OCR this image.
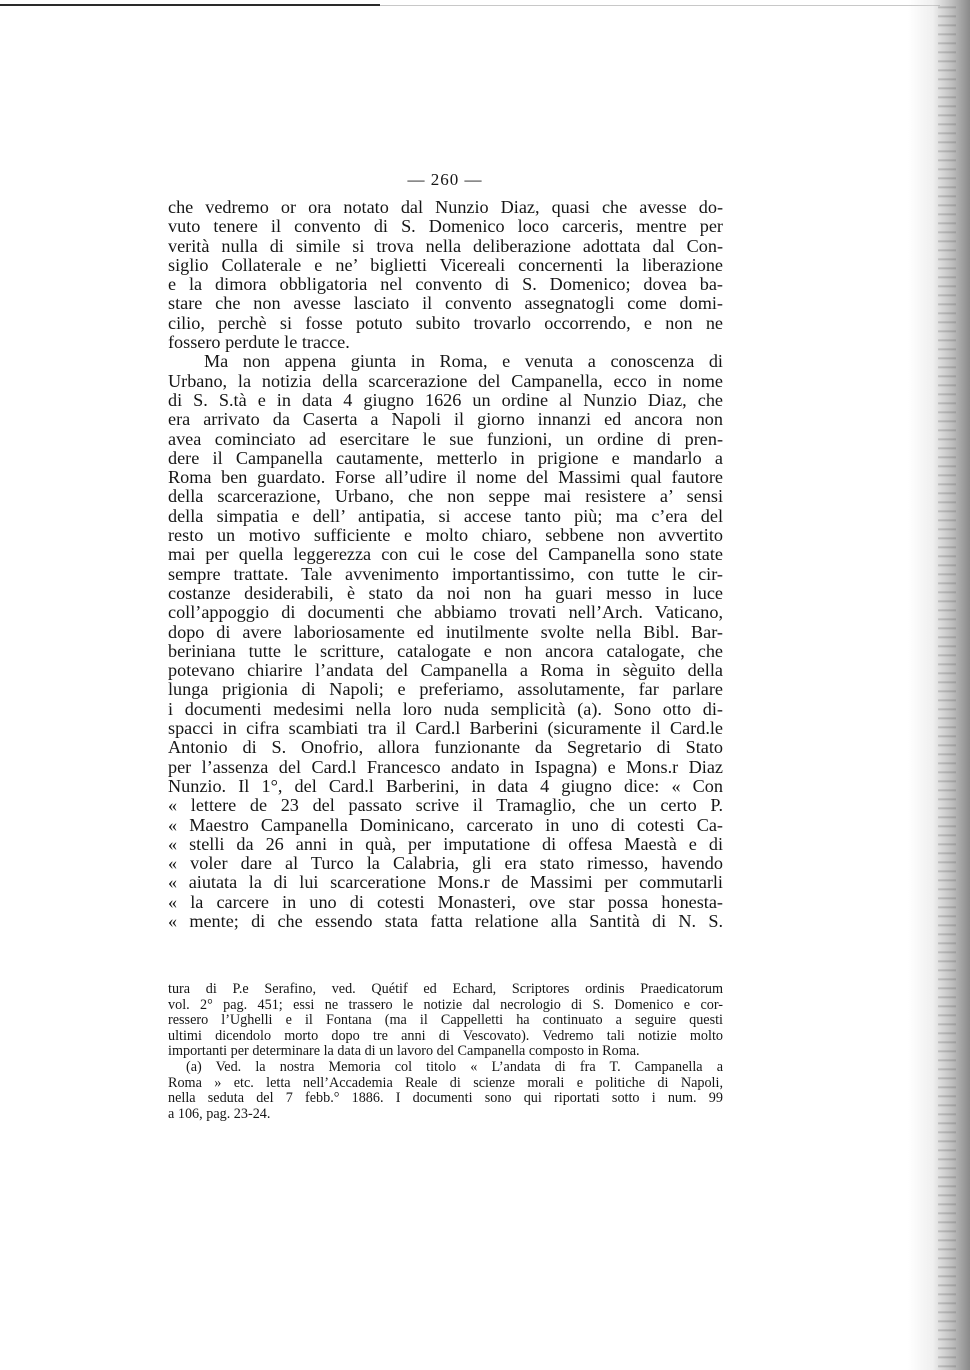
— 260 —
che vedremo or ora notato dal Nunzio Diaz, quasi che avesse do-
vuto tenere il convento di S. Domenico loco carceris, mentre per
verità nulla di simile si trova nella deliberazione adottata dal Con-
siglio Collaterale e ne’ biglietti Vicereali concernenti la liberazione
e la dimora obbligatoria nel convento di S. Domenico; dovea ba-
stare che non avesse lasciato il convento assegnatogli come domi-
cilio, perchè si fosse potuto subito trovarlo occorrendo, e non ne
fossero perdute le tracce.
Ma non appena giunta in Roma, e venuta a conoscenza di
Urbano, la notizia della scarcerazione del Campanella, ecco in nome
di S. S.tà e in data 4 giugno 1626 un ordine al Nunzio Diaz, che
era arrivato da Caserta a Napoli il giorno innanzi ed ancora non
avea cominciato ad esercitare le sue funzioni, un ordine di pren-
dere il Campanella cautamente, metterlo in prigione e mandarlo a
Roma ben guardato. Forse all’udire il nome del Massimi qual fautore
della scarcerazione, Urbano, che non seppe mai resistere a’ sensi
della simpatia e dell’ antipatia, si accese tanto più; ma c’era del
resto un motivo sufficiente e molto chiaro, sebbene non avvertito
mai per quella leggerezza con cui le cose del Campanella sono state
sempre trattate. Tale avvenimento importantissimo, con tutte le cir-
costanze desiderabili, è stato da noi non ha guari messo in luce
coll’appoggio di documenti che abbiamo trovati nell’Arch. Vaticano,
dopo di avere laboriosamente ed inutilmente svolte nella Bibl. Bar-
beriniana tutte le scritture, catalogate e non ancora catalogate, che
potevano chiarire l’andata del Campanella a Roma in sèguito della
lunga prigionia di Napoli; e preferiamo, assolutamente, far parlare
i documenti medesimi nella loro nuda semplicità (a). Sono otto di-
spacci in cifra scambiati tra il Card.l Barberini (sicuramente il Card.le
Antonio di S. Onofrio, allora funzionante da Segretario di Stato
per l’assenza del Card.l Francesco andato in Ispagna) e Mons.r Diaz
Nunzio. Il 1°, del Card.l Barberini, in data 4 giugno dice: « Con
« lettere de 23 del passato scrive il Tramaglio, che un certo P.
« Maestro Campanella Dominicano, carcerato in uno di cotesti Ca-
« stelli da 26 anni in quà, per imputatione di offesa Maestà e di
« voler dare al Turco la Calabria, gli era stato rimesso, havendo
« aiutata la di lui scarceratione Mons.r de Massimi per commutarli
« la carcere in uno di cotesti Monasteri, ove star possa honesta-
« mente; di che essendo stata fatta relatione alla Santità di N. S.
tura di P.e Serafino, ved. Quétif ed Echard, Scriptores ordinis Praedicatorum
vol. 2° pag. 451; essi ne trassero le notizie dal necrologio di S. Domenico e cor-
ressero l’Ughelli e il Fontana (ma il Cappelletti ha continuato a seguire questi
ultimi dicendolo morto dopo tre anni di Vescovato). Vedremo tali notizie molto
importanti per determinare la data di un lavoro del Campanella composto in Roma.
(a) Ved. la nostra Memoria col titolo « L’andata di fra T. Campanella a
Roma » etc. letta nell’Accademia Reale di scienze morali e politiche di Napoli,
nella seduta del 7 febb.° 1886. I documenti sono qui riportati sotto i num. 99
a 106, pag. 23-24.
